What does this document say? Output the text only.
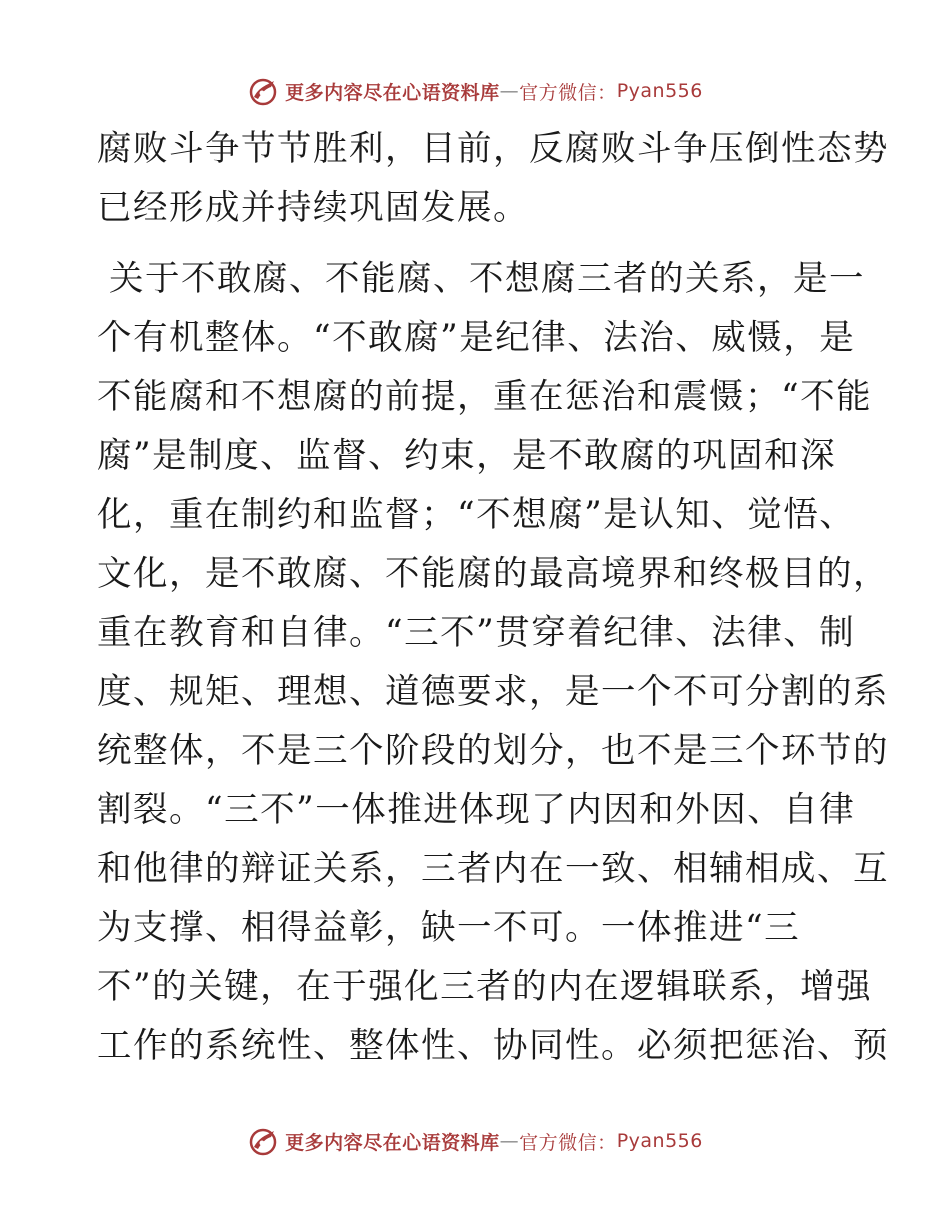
更多内容尽在心语资料库 — 官方微信： Pyan556

腐败斗争节节胜利，目前，反腐败斗争压倒性态势
已经形成并持续巩固发展。

关于不敢腐、不能腐、不想腐三者的关系，是一
个有机整体。“不敢腐”是纪律、法治、威慑，是
不能腐和不想腐的前提，重在惩治和震慑；“不能
腐”是制度、监督、约束，是不敢腐的巩固和深
化，重在制约和监督；“不想腐”是认知、觉悟、
文化，是不敢腐、不能腐的最高境界和终极目的，
重在教育和自律。“三不”贯穿着纪律、法律、制
度、规矩、理想、道德要求，是一个不可分割的系
统整体，不是三个阶段的划分，也不是三个环节的
割裂。“三不”一体推进体现了内因和外因、自律
和他律的辩证关系，三者内在一致、相辅相成、互
为支撑、相得益彰，缺一不可。一体推进“三
不”的关键，在于强化三者的内在逻辑联系，增强
工作的系统性、整体性、协同性。必须把惩治、预

更多内容尽在心语资料库 — 官方微信： Pyan556
